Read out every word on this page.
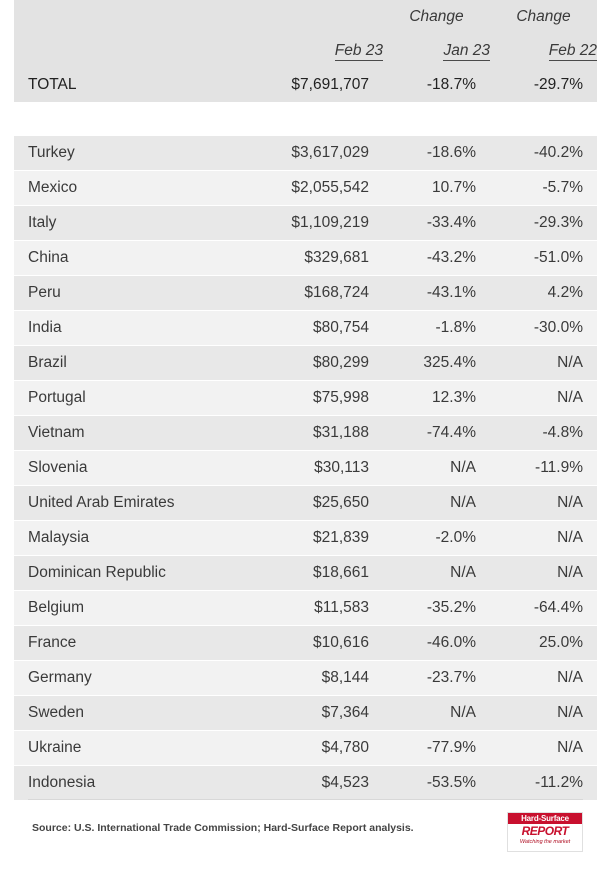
		Change	Change
	Feb 23	Jan 23	Feb 22
TOTAL	$7,691,707	-18.7%	-29.7%

Turkey	$3,617,029	-18.6%	-40.2%
Mexico	$2,055,542	10.7%	-5.7%
Italy	$1,109,219	-33.4%	-29.3%
China	$329,681	-43.2%	-51.0%
Peru	$168,724	-43.1%	4.2%
India	$80,754	-1.8%	-30.0%
Brazil	$80,299	325.4%	N/A
Portugal	$75,998	12.3%	N/A
Vietnam	$31,188	-74.4%	-4.8%
Slovenia	$30,113	N/A	-11.9%
United Arab Emirates	$25,650	N/A	N/A
Malaysia	$21,839	-2.0%	N/A
Dominican Republic	$18,661	N/A	N/A
Belgium	$11,583	-35.2%	-64.4%
France	$10,616	-46.0%	25.0%
Germany	$8,144	-23.7%	N/A
Sweden	$7,364	N/A	N/A
Ukraine	$4,780	-77.9%	N/A
Indonesia	$4,523	-53.5%	-11.2%
Source: U.S. International Trade Commission; Hard-Surface Report analysis.
Hard-Surface
REPORT
Watching the market
